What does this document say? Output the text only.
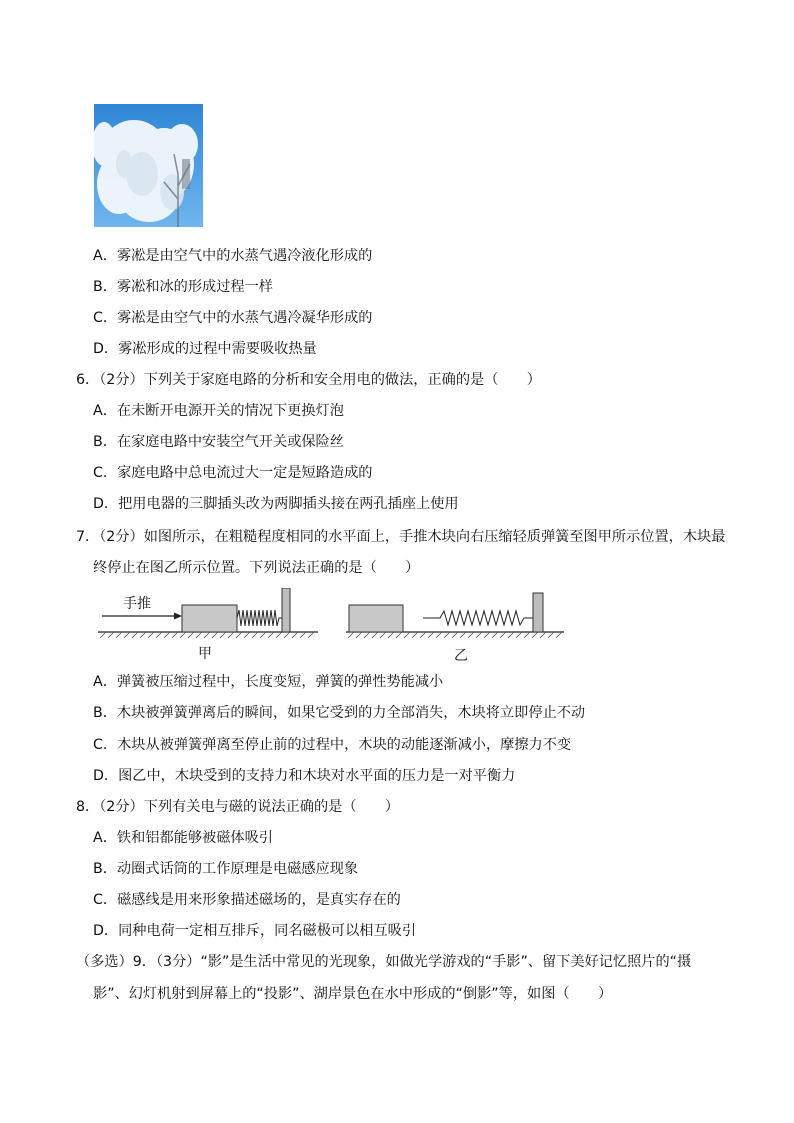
A．雾凇是由空气中的水蒸气遇冷液化形成的
B．雾凇和冰的形成过程一样
C．雾凇是由空气中的水蒸气遇冷凝华形成的
D．雾凇形成的过程中需要吸收热量
6．（2分）下列关于家庭电路的分析和安全用电的做法，正确的是（　　）
A．在未断开电源开关的情况下更换灯泡
B．在家庭电路中安装空气开关或保险丝
C．家庭电路中总电流过大一定是短路造成的
D．把用电器的三脚插头改为两脚插头接在两孔插座上使用
7．（2分）如图所示，在粗糙程度相同的水平面上，手推木块向右压缩轻质弹簧至图甲所示位置，木块最
终停止在图乙所示位置。下列说法正确的是（　　）
手推
甲	乙
A．弹簧被压缩过程中，长度变短，弹簧的弹性势能减小
B．木块被弹簧弹离后的瞬间，如果它受到的力全部消失，木块将立即停止不动
C．木块从被弹簧弹离至停止前的过程中，木块的动能逐渐减小，摩擦力不变
D．图乙中，木块受到的支持力和木块对水平面的压力是一对平衡力
8．（2分）下列有关电与磁的说法正确的是（　　）
A．铁和铝都能够被磁体吸引
B．动圈式话筒的工作原理是电磁感应现象
C．磁感线是用来形象描述磁场的，是真实存在的
D．同种电荷一定相互排斥，同名磁极可以相互吸引
（多选）9．（3分）“影”是生活中常见的光现象，如做光学游戏的“手影”、留下美好记忆照片的“摄
影”、幻灯机射到屏幕上的“投影”、湖岸景色在水中形成的“倒影”等，如图（　　）
